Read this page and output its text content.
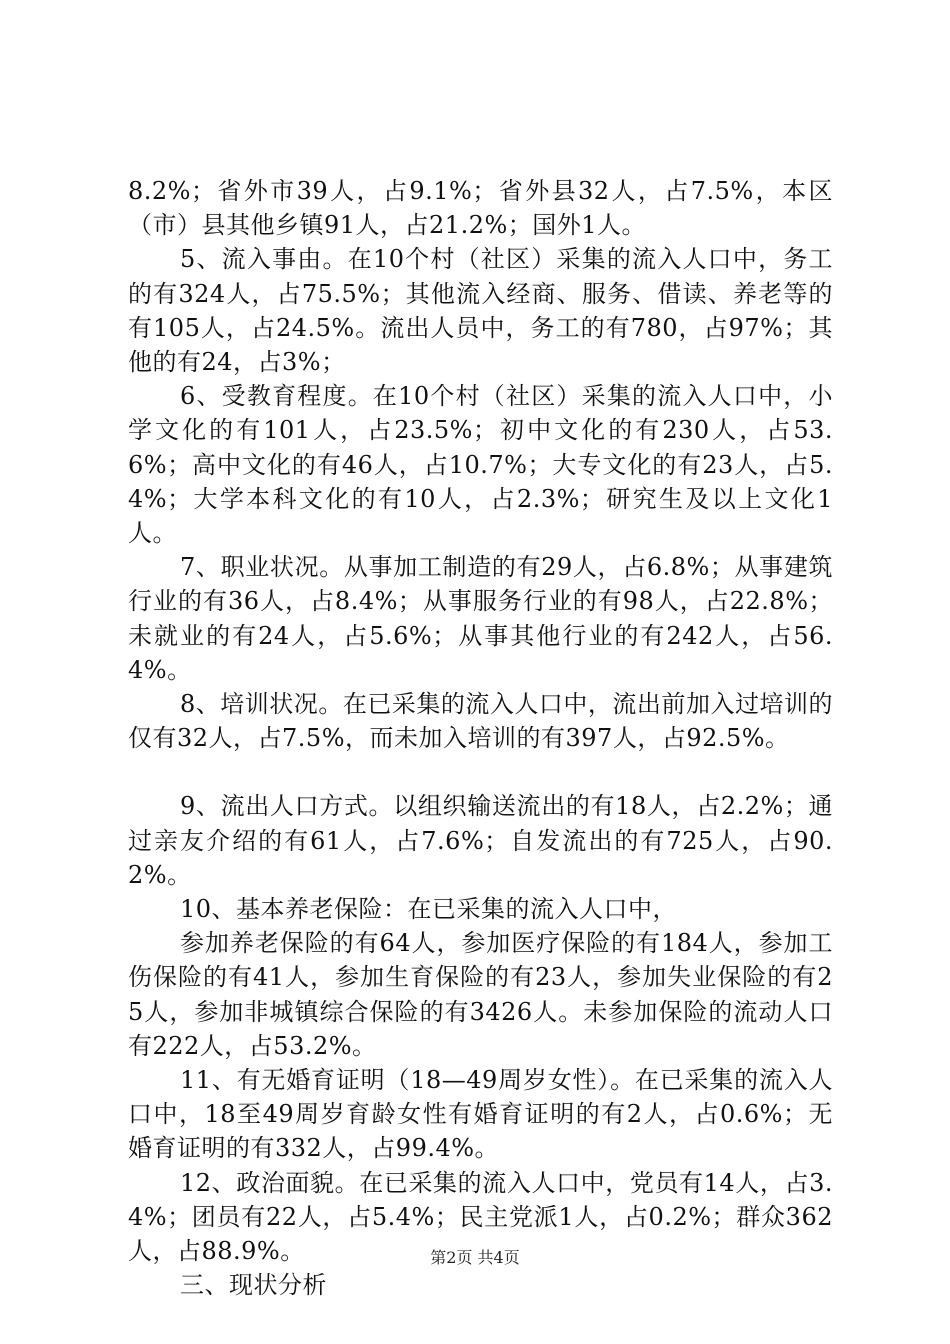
8.2%；省外市39人，占9.1%；省外县32人，占7.5%，本区（市）县其他乡镇91人，占21.2%；国外1人。

5、流入事由。在10个村（社区）采集的流入人口中，务工的有324人，占75.5%；其他流入经商、服务、借读、养老等的有105人，占24.5%。流出人员中，务工的有780，占97%；其他的有24，占3%；

6、受教育程度。在10个村（社区）采集的流入人口中，小学文化的有101人，占23.5%；初中文化的有230人，占53.6%；高中文化的有46人，占10.7%；大专文化的有23人，占5.4%；大学本科文化的有10人，占2.3%；研究生及以上文化1人。

7、职业状况。从事加工制造的有29人，占6.8%；从事建筑行业的有36人，占8.4%；从事服务行业的有98人，占22.8%；未就业的有24人，占5.6%；从事其他行业的有242人，占56.4%。

8、培训状况。在已采集的流入人口中，流出前加入过培训的仅有32人，占7.5%，而未加入培训的有397人，占92.5%。

9、流出人口方式。以组织输送流出的有18人，占2.2%；通过亲友介绍的有61人，占7.6%；自发流出的有725人，占90.2%。

10、基本养老保险：在已采集的流入人口中，

参加养老保险的有64人，参加医疗保险的有184人，参加工伤保险的有41人，参加生育保险的有23人，参加失业保险的有25人，参加非城镇综合保险的有3426人。未参加保险的流动人口有222人，占53.2%。

11、有无婚育证明（18—49周岁女性）。在已采集的流入人口中，18至49周岁育龄女性有婚育证明的有2人，占0.6%；无婚育证明的有332人，占99.4%。

12、政治面貌。在已采集的流入人口中，党员有14人，占3.4%；团员有22人，占5.4%；民主党派1人，占0.2%；群众362人，占88.9%。

三、现状分析

第2页 共4页
